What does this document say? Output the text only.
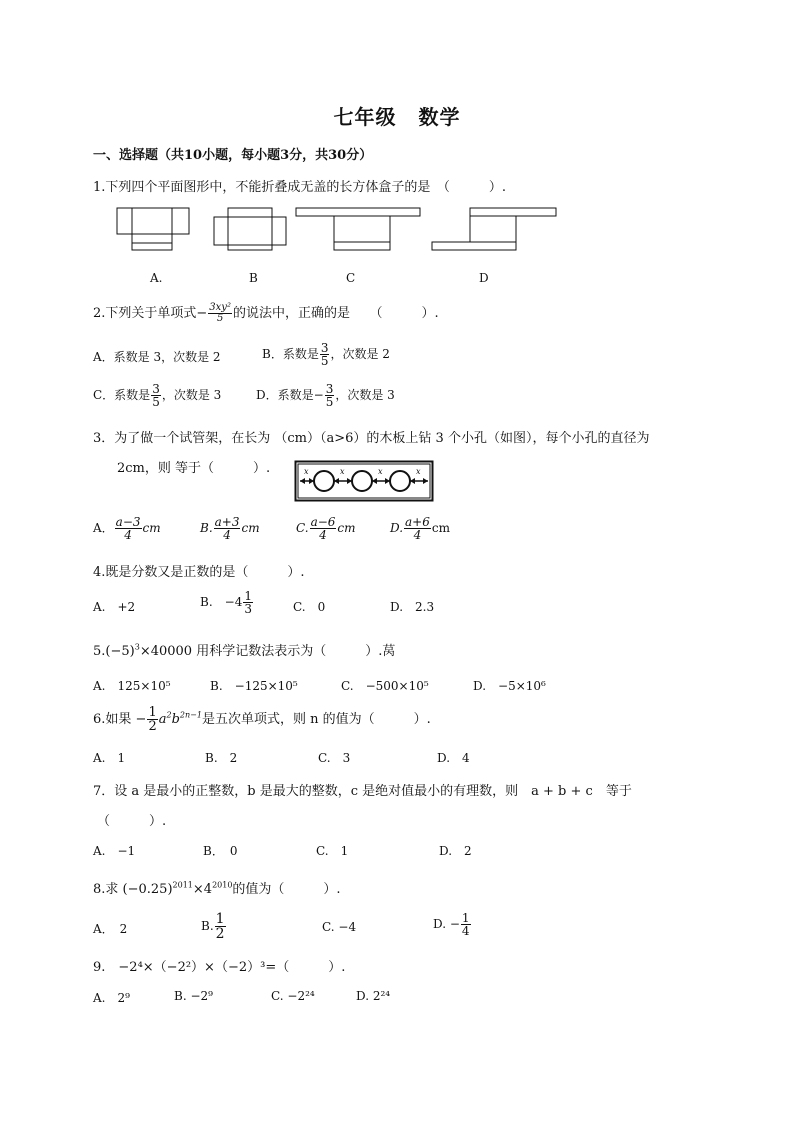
七年级 数学
一、选择题（共10小题，每小题3分，共30分）
1.下列四个平面图形中，不能折叠成无盖的长方体盒子的是　（　　　）.
A.	B	C	D
2.下列关于单项式− $\frac{\text{3xy²}}{5}$ 的说法中，正确的是　　（　　　）.
A．系数是 3，次数是 2	B．系数是 $\frac{3}{5}$ ，次数是 2
C．系数是 $\frac{3}{5}$ ，次数是 3	D．系数是− $\frac{3}{5}$ ，次数是 3
3．为了做一个试管架，在长为 （cm）（a>6）的木板上钻 3 个小孔（如图），每个小孔的直径为
2cm，则 等于（　　　）.	x	x	x	x
A． $\frac{a-3}{4}$ cm	B. $\frac{a+3}{4}$ cm	C. $\frac{a-6}{4}$ cm	D. $\frac{a+6}{4}$ cm
4.既是分数又是正数的是（　　　）.
A.　+2	B.　$-4 \frac{1}{3}$	C.　0	D.　2.3
$5.(-5)^3\times 40000$ 用科学记数法表示为（　　　）.莴
A.　125×10⁵	B.　−125×10⁵	C.　−500×10⁵	D.　−5×10⁶
6.如果 − $\frac{1}{2} a^2b^{2n-1}$是五次单项式，则 n 的值为（　　　）.
A.　1	B.　2	C.　3	D.　4
7．设 a 是最小的正整数，b 是最大的整数，c 是绝对值最小的有理数，则　a + b + c　等于
（　　　）.
A.　−1	B．　0	C.　1	D.　2
8.求 $(-0.25)^{2011}\times 4^{2010}$的值为（　　　）.
A．　2	B. $\frac{1}{2}$	C. −4	D. − $\frac{1}{4}$
9.　−2⁴×（−2²）×（−2）³=（　　　）.
A.　2⁹	B. −2⁹	C. −2²⁴	D. 2²⁴
